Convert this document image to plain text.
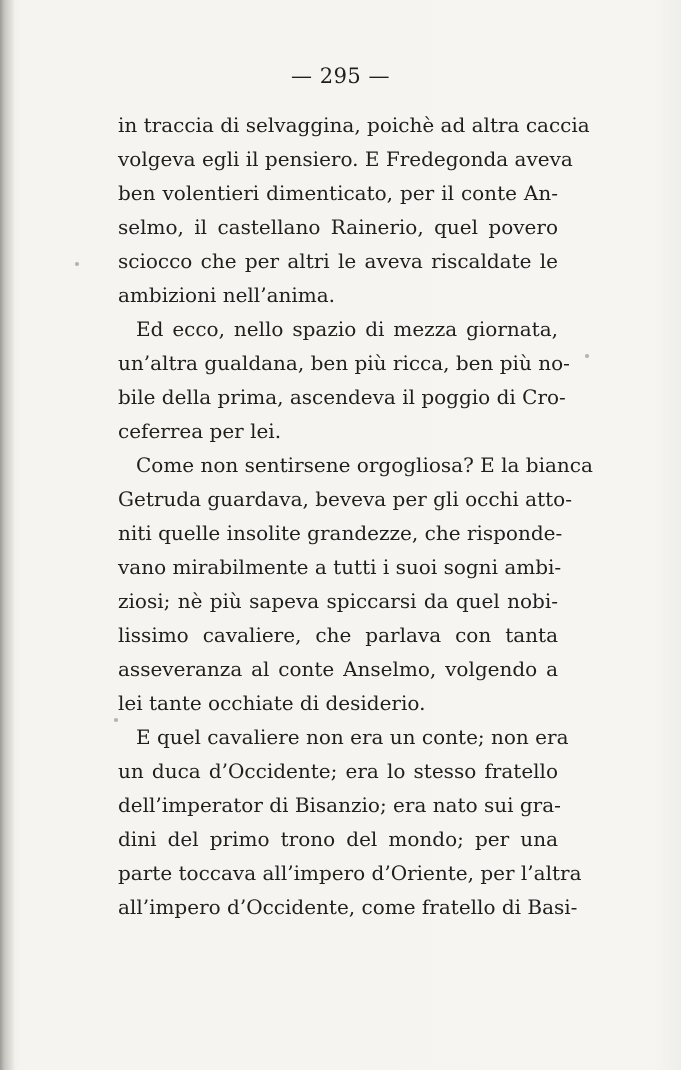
— 295 —

in traccia di selvaggina, poichè ad altra caccia
volgeva egli il pensiero. E Fredegonda aveva
ben volentieri dimenticato, per il conte An-
selmo, il castellano Rainerio, quel povero
sciocco che per altri le aveva riscaldate le
ambizioni nell’anima.

Ed ecco, nello spazio di mezza giornata,
un’altra gualdana, ben più ricca, ben più no-
bile della prima, ascendeva il poggio di Cro-
ceferrea per lei.

Come non sentirsene orgogliosa? E la bianca
Getruda guardava, beveva per gli occhi atto-
niti quelle insolite grandezze, che risponde-
vano mirabilmente a tutti i suoi sogni ambi-
ziosi; nè più sapeva spiccarsi da quel nobi-
lissimo cavaliere, che parlava con tanta
asseveranza al conte Anselmo, volgendo a
lei tante occhiate di desiderio.

E quel cavaliere non era un conte; non era
un duca d’Occidente; era lo stesso fratello
dell’imperator di Bisanzio; era nato sui gra-
dini del primo trono del mondo; per una
parte toccava all’impero d’Oriente, per l’altra
all’impero d’Occidente, come fratello di Basi-
